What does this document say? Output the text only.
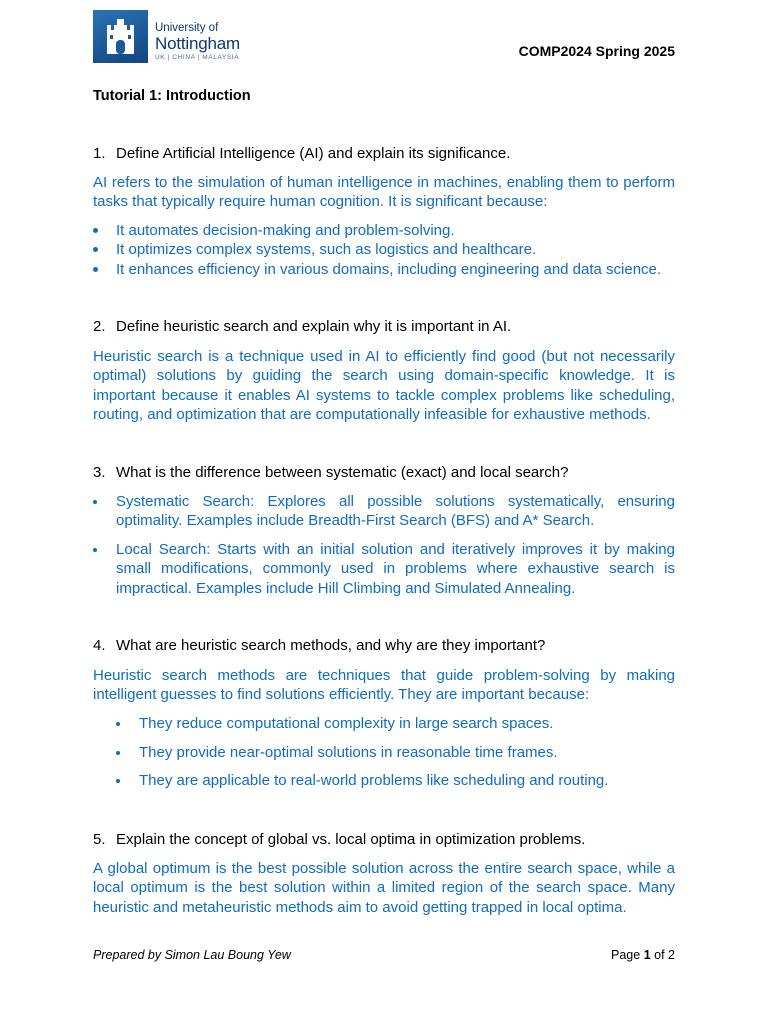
University of
Nottingham
UK | CHINA | MALAYSIA	COMP2024 Spring 2025
Tutorial 1: Introduction
1. Define Artificial Intelligence (AI) and explain its significance.
AI refers to the simulation of human intelligence in machines, enabling them to perform tasks that typically require human cognition. It is significant because:
It automates decision-making and problem-solving.
It optimizes complex systems, such as logistics and healthcare.
It enhances efficiency in various domains, including engineering and data science.
2. Define heuristic search and explain why it is important in AI.
Heuristic search is a technique used in AI to efficiently find good (but not necessarily optimal) solutions by guiding the search using domain-specific knowledge. It is important because it enables AI systems to tackle complex problems like scheduling, routing, and optimization that are computationally infeasible for exhaustive methods.
3. What is the difference between systematic (exact) and local search?
Systematic Search: Explores all possible solutions systematically, ensuring optimality. Examples include Breadth-First Search (BFS) and A* Search.
Local Search: Starts with an initial solution and iteratively improves it by making small modifications, commonly used in problems where exhaustive search is impractical. Examples include Hill Climbing and Simulated Annealing.
4. What are heuristic search methods, and why are they important?
Heuristic search methods are techniques that guide problem-solving by making intelligent guesses to find solutions efficiently. They are important because:
They reduce computational complexity in large search spaces.
They provide near-optimal solutions in reasonable time frames.
They are applicable to real-world problems like scheduling and routing.
5. Explain the concept of global vs. local optima in optimization problems.
A global optimum is the best possible solution across the entire search space, while a local optimum is the best solution within a limited region of the search space. Many heuristic and metaheuristic methods aim to avoid getting trapped in local optima.
Prepared by Simon Lau Boung Yew	Page 1 of 2
